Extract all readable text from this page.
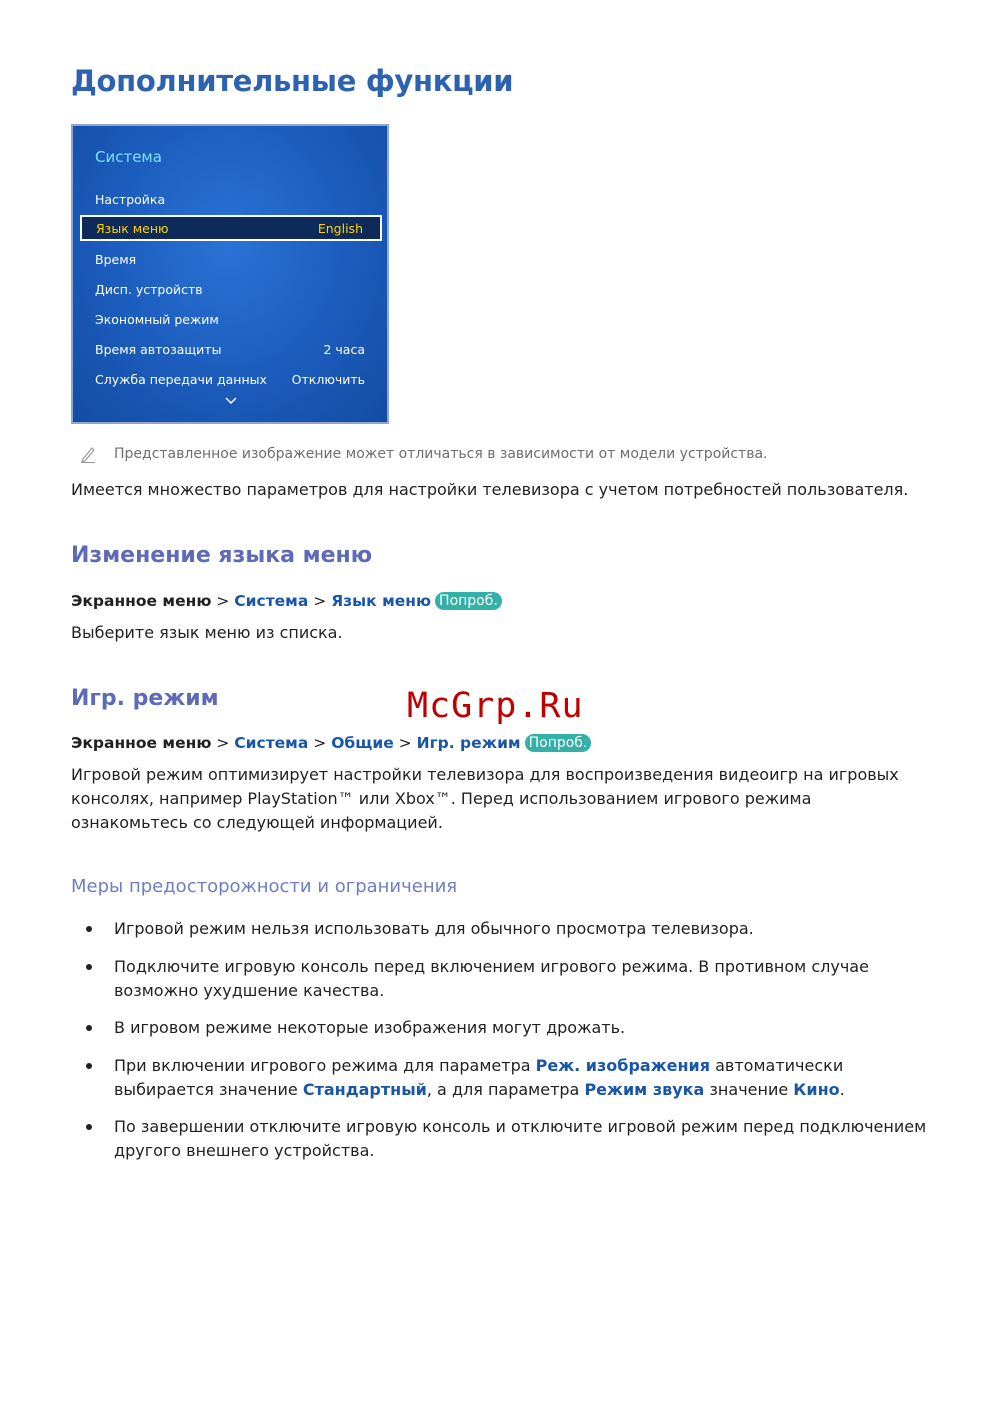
Дополнительные функции
Система
Настройка
Язык меню	English
Время
Дисп. устройств
Экономный режим
Время автозащиты	2 часа
Служба передачи данных Отключить
Представленное изображение может отличаться в зависимости от модели устройства.
Имеется множество параметров для настройки телевизора с учетом потребностей пользователя.
Изменение языка меню
Экранное меню > Система > Язык меню Попроб.
Выберите язык меню из списка.
Игр. режим	McGrp.Ru
Экранное меню > Система > Общие > Игр. режим Попроб.
Игровой режим оптимизирует настройки телевизора для воспроизведения видеоигр на игровых консолях, например PlayStation™ или Xbox™. Перед использованием игрового режима ознакомьтесь со следующей информацией.
Меры предосторожности и ограничения
Игровой режим нельзя использовать для обычного просмотра телевизора.
Подключите игровую консоль перед включением игрового режима. В противном случае возможно ухудшение качества.
В игровом режиме некоторые изображения могут дрожать.
При включении игрового режима для параметра Реж. изображения автоматически выбирается значение Стандартный, а для параметра Режим звука значение Кино.
По завершении отключите игровую консоль и отключите игровой режим перед подключением другого внешнего устройства.
